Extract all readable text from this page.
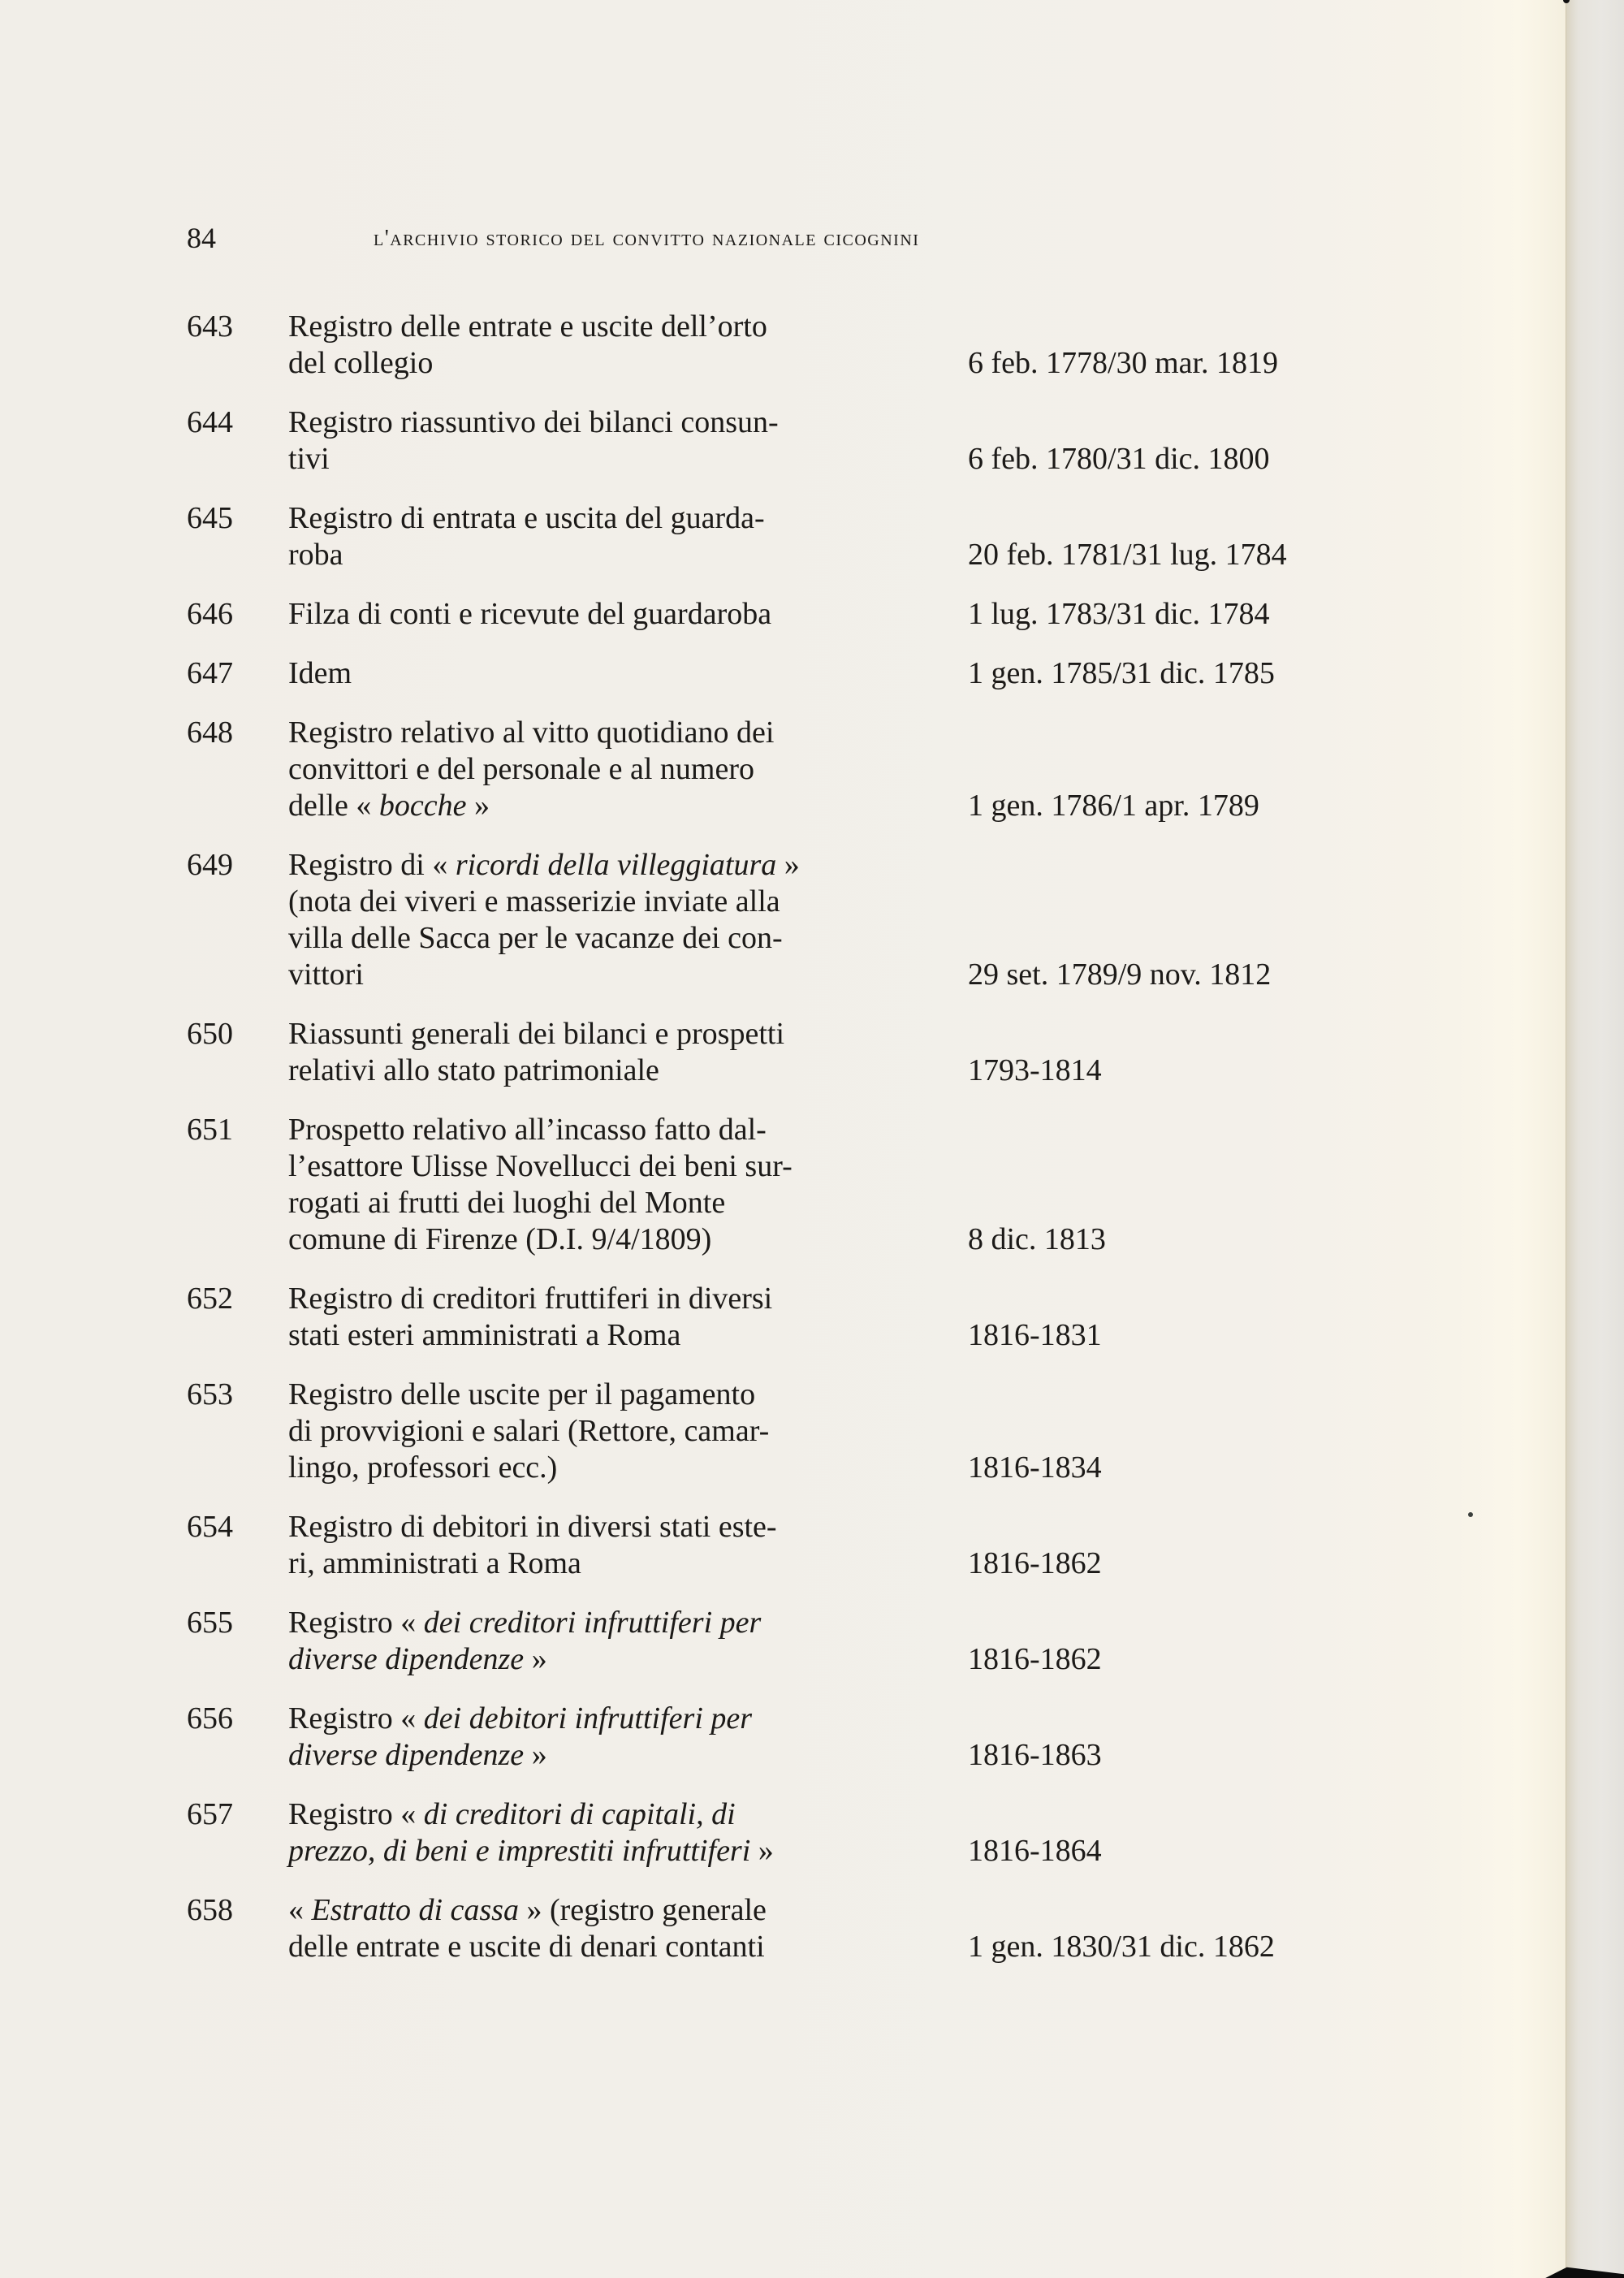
84	l'archivio storico del convitto nazionale cicognini
643	Registro delle entrate e uscite dell’orto
del collegio	6 feb. 1778/30 mar. 1819
644	Registro riassuntivo dei bilanci consun-
tivi	6 feb. 1780/31 dic. 1800
645	Registro di entrata e uscita del guarda-
roba	20 feb. 1781/31 lug. 1784
646	Filza di conti e ricevute del guardaroba	1 lug. 1783/31 dic. 1784
647	Idem	1 gen. 1785/31 dic. 1785
648	Registro relativo al vitto quotidiano dei
convittori e del personale e al numero
delle « bocche »	1 gen. 1786/1 apr. 1789
649	Registro di « ricordi della villeggiatura »
(nota dei viveri e masserizie inviate alla
villa delle Sacca per le vacanze dei con-
vittori	29 set. 1789/9 nov. 1812
650	Riassunti generali dei bilanci e prospetti
relativi allo stato patrimoniale	1793-1814
651	Prospetto relativo all’incasso fatto dal-
l’esattore Ulisse Novellucci dei beni sur-
rogati ai frutti dei luoghi del Monte
comune di Firenze (D.I. 9/4/1809)	8 dic. 1813
652	Registro di creditori fruttiferi in diversi
stati esteri amministrati a Roma	1816-1831
653	Registro delle uscite per il pagamento
di provvigioni e salari (Rettore, camar-
lingo, professori ecc.)	1816-1834
654	Registro di debitori in diversi stati este-
ri, amministrati a Roma	1816-1862
655	Registro « dei creditori infruttiferi per
diverse dipendenze »	1816-1862
656	Registro « dei debitori infruttiferi per
diverse dipendenze »	1816-1863
657	Registro « di creditori di capitali, di
prezzo, di beni e imprestiti infruttiferi »	1816-1864
658	« Estratto di cassa » (registro generale
delle entrate e uscite di denari contanti	1 gen. 1830/31 dic. 1862
